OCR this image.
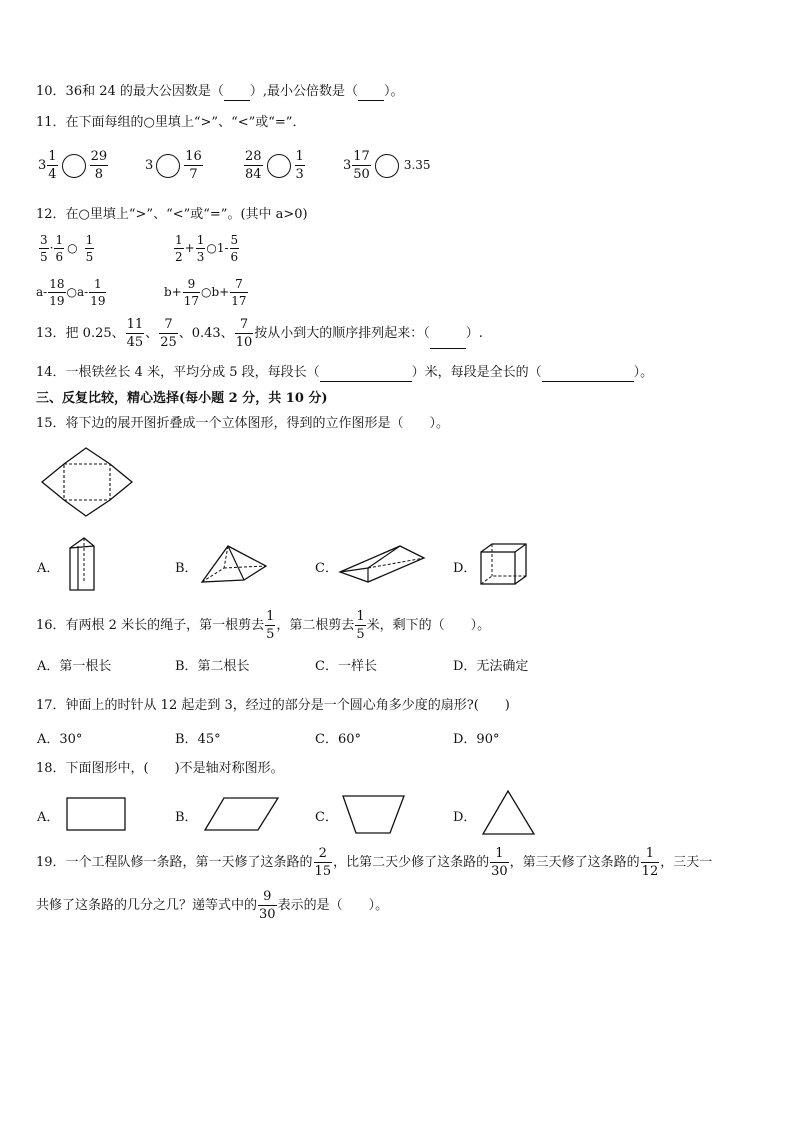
10．36和 24 的最大公因数是（ ）,最小公倍数是（ ）。
11．在下面每组的○里填上“>”、“<”或“=”．
$3 \frac{1}{4} \frac{29}{8}$	$3 \frac{16}{7}$	$\frac{28}{84} \frac{1}{3}$	$3 \frac{17}{50}$	3.35
12．在○里填上“>”、“<”或“=”。(其中 a>0)
$\frac{3}{5} \cdot \frac{1}{6}$ ○ $\frac{1}{5}$	$\frac{1}{2} + \frac{1}{3}$ ○1- $\frac{5}{6}$
$a- \frac{18}{19}$ ○a- $\frac{1}{19}$	$b+ \frac{9}{17}$ ○b+ $\frac{7}{17}$
13．把 0.25、 $\frac{11}{45}$ 、 $\frac{7}{25}$ 、0.43、 $\frac{7}{10}$ 按从小到大的顺序排列起来：（	）.
14．一根铁丝长 4 米，平均分成 5 段，每段长（	）米，每段是全长的（	）。
三、反复比较，精心选择(每小题 2 分，共 10 分)
15．将下边的展开图折叠成一个立体图形，得到的立作图形是（　　）。
A．	B．	C．	D．
16．有两根 2 米长的绳子，第一根剪去 $\frac{1}{5}$ ，第二根剪去 $\frac{1}{5}$ 米，剩下的（　　）。
A．第一根长	B．第二根长	C．一样长	D．无法确定
17．钟面上的时针从 12 起走到 3，经过的部分是一个圆心角多少度的扇形?(　　)
A．30°	B．45°	C．60°	D．90°
18．下面图形中，(　　)不是轴对称图形。
A．	B．	C．	D．
19．一个工程队修一条路，第一天修了这条路的 $\frac{2}{15}$ ，比第二天少修了这条路的 $\frac{1}{30}$ ，第三天修了这条路的 $\frac{1}{12}$ ，三天一
共修了这条路的几分之几？递等式中的 $\frac{9}{30}$ 表示的是（　　）。
